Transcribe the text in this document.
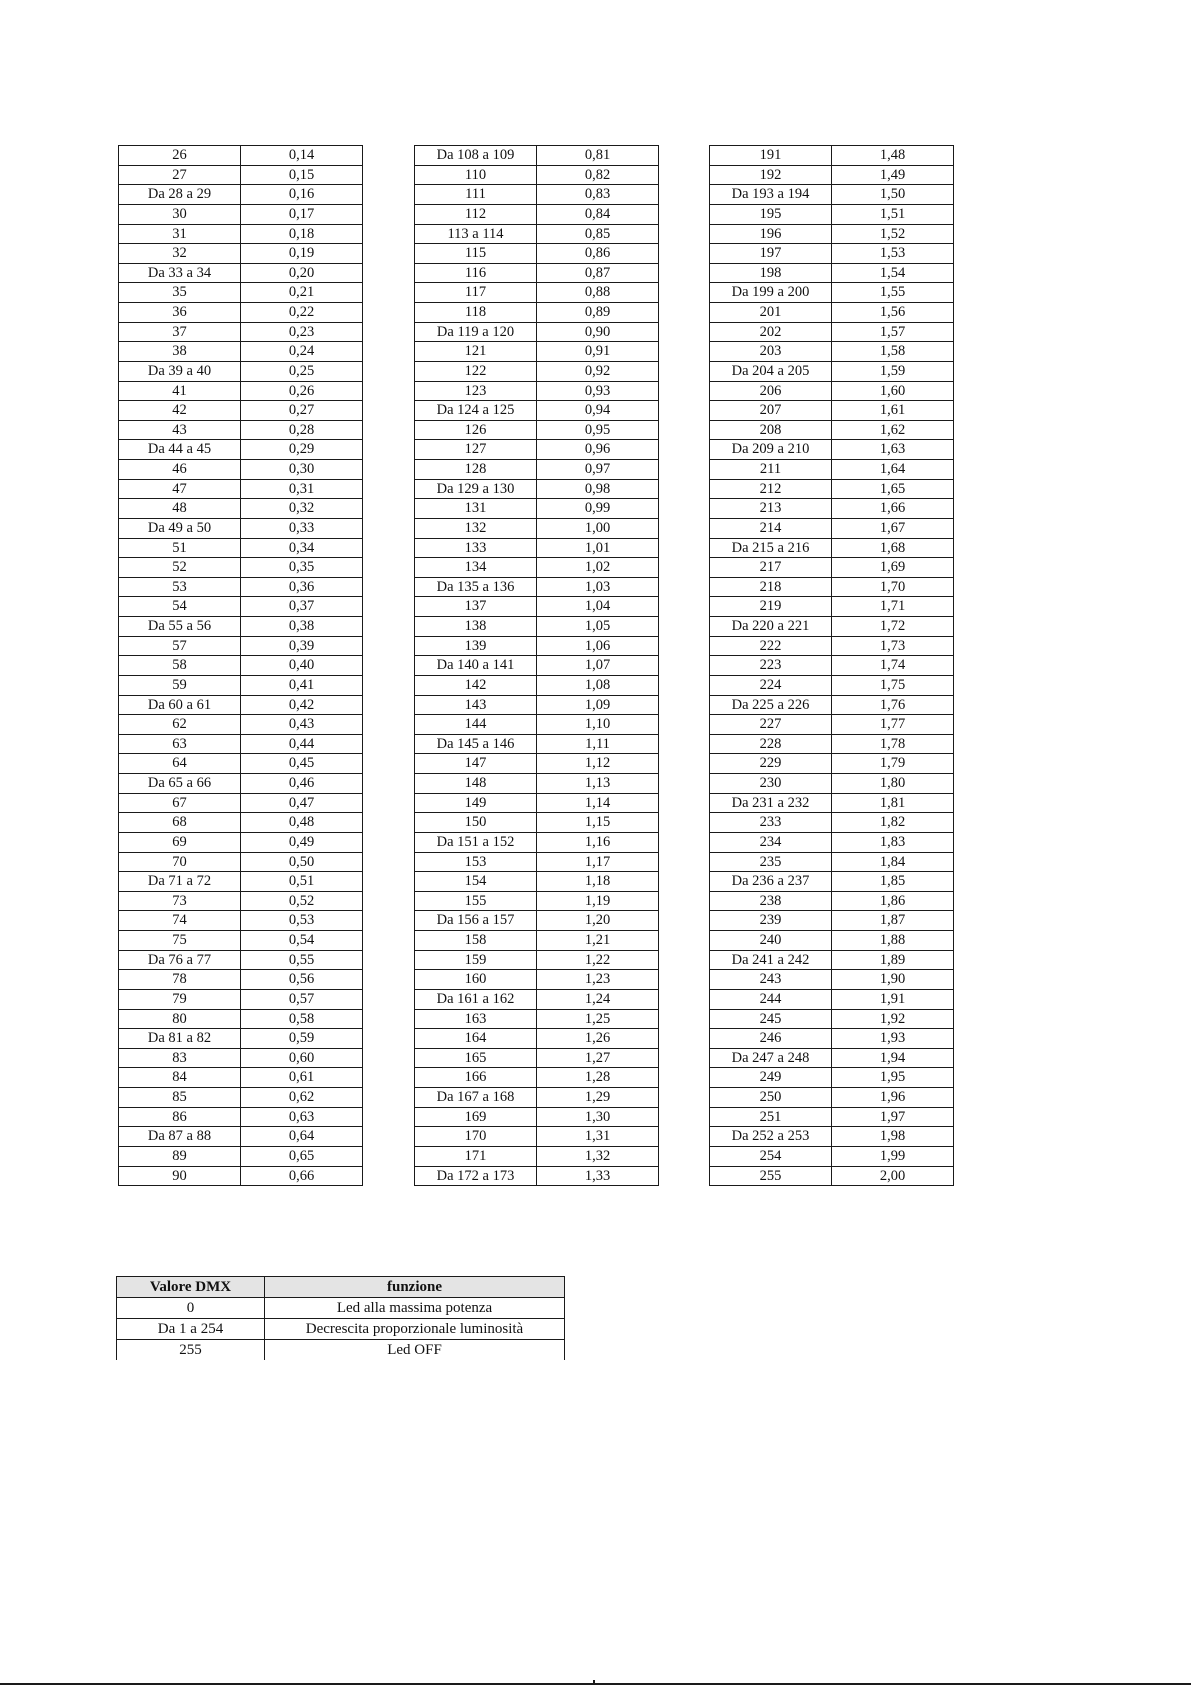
26	0,14
27	0,15
Da 28 a 29	0,16
30	0,17
31	0,18
32	0,19
Da 33 a 34	0,20
35	0,21
36	0,22
37	0,23
38	0,24
Da 39 a 40	0,25
41	0,26
42	0,27
43	0,28
Da 44 a 45	0,29
46	0,30
47	0,31
48	0,32
Da 49 a 50	0,33
51	0,34
52	0,35
53	0,36
54	0,37
Da 55 a 56	0,38
57	0,39
58	0,40
59	0,41
Da 60 a 61	0,42
62	0,43
63	0,44
64	0,45
Da 65 a 66	0,46
67	0,47
68	0,48
69	0,49
70	0,50
Da 71 a 72	0,51
73	0,52
74	0,53
75	0,54
Da 76 a 77	0,55
78	0,56
79	0,57
80	0,58
Da 81 a 82	0,59
83	0,60
84	0,61
85	0,62
86	0,63
Da 87 a 88	0,64
89	0,65
90	0,66
Da 108 a 109	0,81
110	0,82
111	0,83
112	0,84
113 a 114	0,85
115	0,86
116	0,87
117	0,88
118	0,89
Da 119 a 120	0,90
121	0,91
122	0,92
123	0,93
Da 124 a 125	0,94
126	0,95
127	0,96
128	0,97
Da 129 a 130	0,98
131	0,99
132	1,00
133	1,01
134	1,02
Da 135 a 136	1,03
137	1,04
138	1,05
139	1,06
Da 140 a 141	1,07
142	1,08
143	1,09
144	1,10
Da 145 a 146	1,11
147	1,12
148	1,13
149	1,14
150	1,15
Da 151 a 152	1,16
153	1,17
154	1,18
155	1,19
Da 156 a 157	1,20
158	1,21
159	1,22
160	1,23
Da 161 a 162	1,24
163	1,25
164	1,26
165	1,27
166	1,28
Da 167 a 168	1,29
169	1,30
170	1,31
171	1,32
Da 172 a 173	1,33
191	1,48
192	1,49
Da 193 a 194	1,50
195	1,51
196	1,52
197	1,53
198	1,54
Da 199 a 200	1,55
201	1,56
202	1,57
203	1,58
Da 204 a 205	1,59
206	1,60
207	1,61
208	1,62
Da 209 a 210	1,63
211	1,64
212	1,65
213	1,66
214	1,67
Da 215 a 216	1,68
217	1,69
218	1,70
219	1,71
Da 220 a 221	1,72
222	1,73
223	1,74
224	1,75
Da 225 a 226	1,76
227	1,77
228	1,78
229	1,79
230	1,80
Da 231 a 232	1,81
233	1,82
234	1,83
235	1,84
Da 236 a 237	1,85
238	1,86
239	1,87
240	1,88
Da 241 a 242	1,89
243	1,90
244	1,91
245	1,92
246	1,93
Da 247 a 248	1,94
249	1,95
250	1,96
251	1,97
Da 252 a 253	1,98
254	1,99
255	2,00
Valore DMX	funzione
0	Led alla massima potenza
Da 1 a 254	Decrescita proporzionale luminosità
255	Led OFF
